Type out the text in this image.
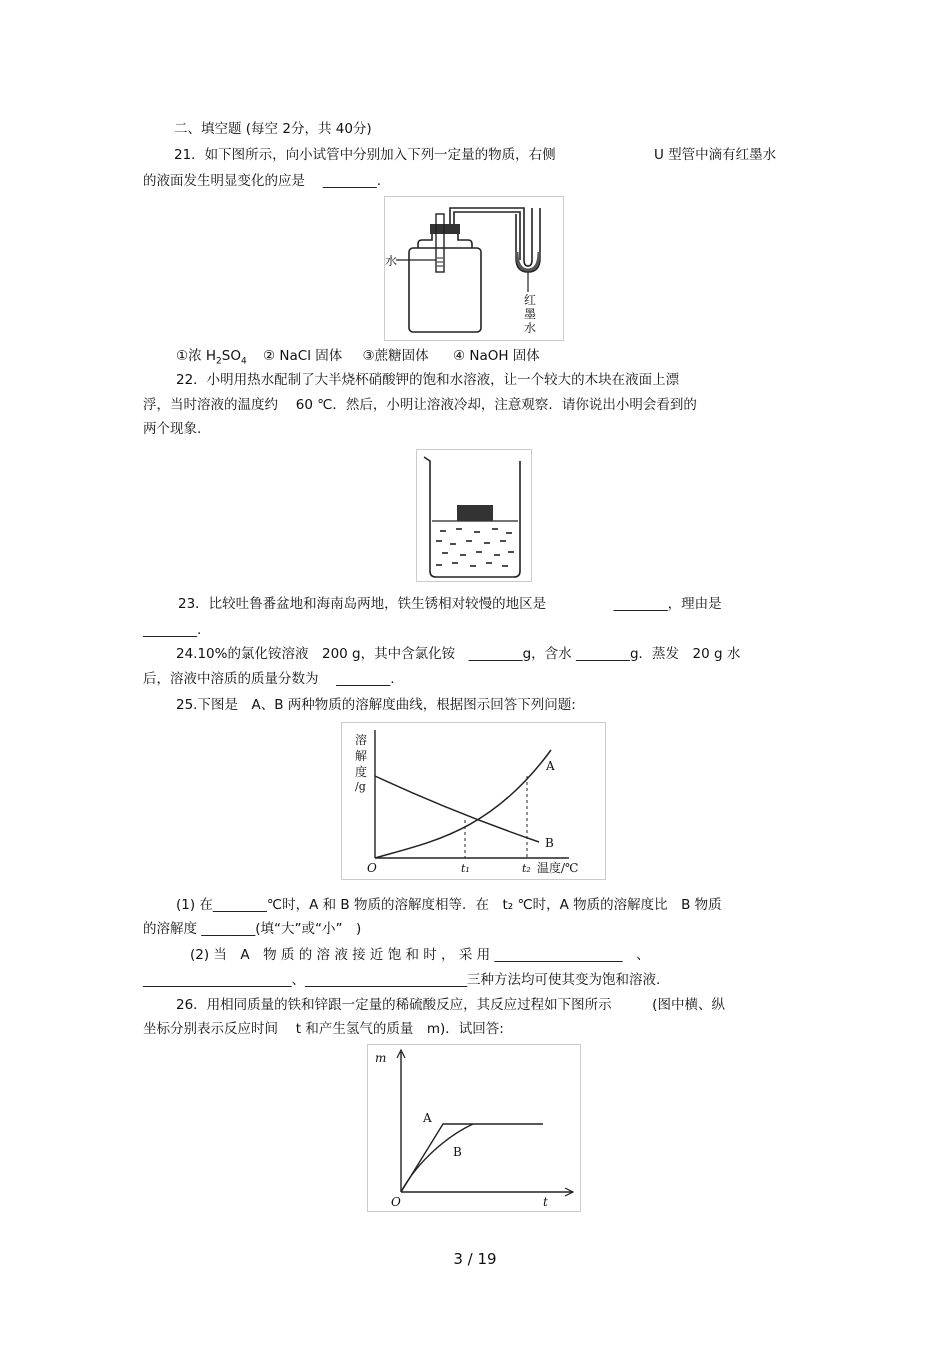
二、填空题 (每空 2分，共 40分)
21．如下图所示，向小试管中分别加入下列一定量的物质，右侧	U 型管中滴有红墨水
的液面发生明显变化的应是　 ________.
水
红
墨
水
①浓 $H_2SO_4$ ② NaCl 固体 ③蔗糖固体 ④ NaOH 固体
22．小明用热水配制了大半烧杯硝酸钾的饱和水溶液，让一个较大的木块在液面上漂
浮，当时溶液的温度约　 60 ℃．然后，小明让溶液冷却，注意观察．请你说出小明会看到的
两个现象.
23．比较吐鲁番盆地和海南岛两地，铁生锈相对较慢的地区是　　　　　________，理由是
________.
24.10%的氯化铵溶液　200 g，其中含氯化铵　________g，含水 ________g．蒸发　20 g 水
后，溶液中溶质的质量分数为　 ________.
25.下图是　A、B 两种物质的溶解度曲线，根据图示回答下列问题:
溶
解
度
/g
A
B
O	t₁	t₂ 温度/℃
(1) 在________℃时，A 和 B 物质的溶解度相等．在　t₂ ℃时，A 物质的溶解度比　B 物质
的溶解度 ________(填“大”或“小”　)
(2) 当　A　物 质 的 溶 液 接 近 饱 和 时 ， 采 用 ___________________　、
______________________、________________________三种方法均可使其变为饱和溶液.
26．用相同质量的铁和锌跟一定量的稀硫酸反应，其反应过程如下图所示　　　(图中横、纵
坐标分别表示反应时间　 t 和产生氢气的质量　m)．试回答:
m
A
B
O	t
3 / 19
